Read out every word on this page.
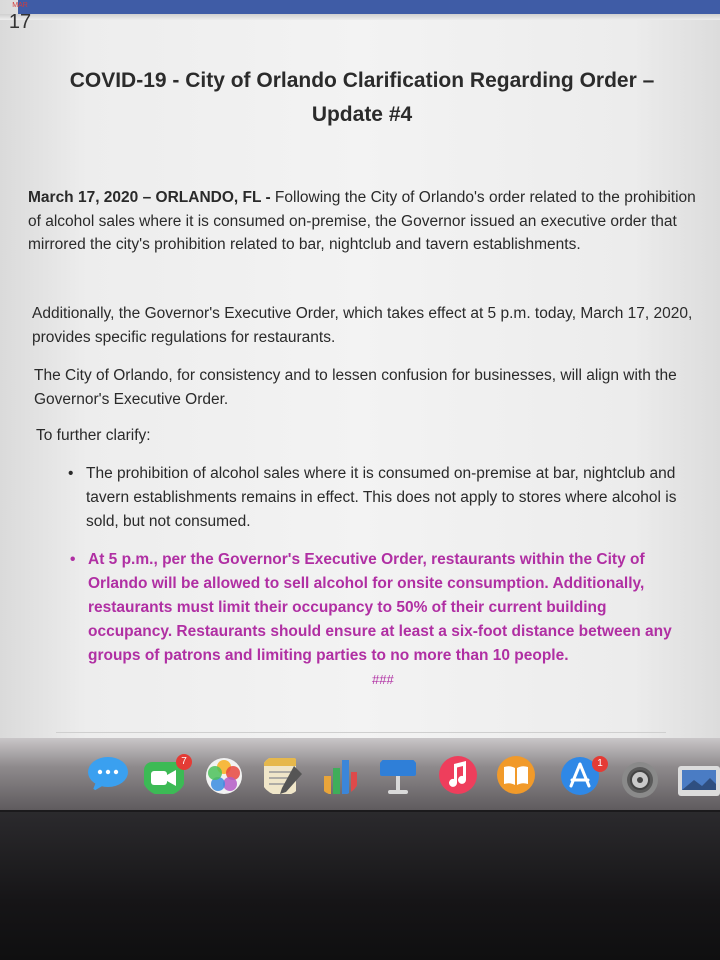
COVID-19 - City of Orlando Clarification Regarding Order –
Update #4

March 17, 2020 – ORLANDO, FL - Following the City of Orlando's order related to the prohibition of alcohol sales where it is consumed on-premise, the Governor issued an executive order that mirrored the city's prohibition related to bar, nightclub and tavern establishments.

Additionally, the Governor's Executive Order, which takes effect at 5 p.m. today, March 17, 2020, provides specific regulations for restaurants.

The City of Orlando, for consistency and to lessen confusion for businesses, will align with the Governor's Executive Order.

To further clarify:

• The prohibition of alcohol sales where it is consumed on-premise at bar, nightclub and tavern establishments remains in effect. This does not apply to stores where alcohol is sold, but not consumed.
• At 5 p.m., per the Governor's Executive Order, restaurants within the City of Orlando will be allowed to sell alcohol for onsite consumption. Additionally, restaurants must limit their occupancy to 50% of their current building occupancy. Restaurants should ensure at least a six-foot distance between any groups of patrons and limiting parties to no more than 10 people.
###
MAR
17
7	1
